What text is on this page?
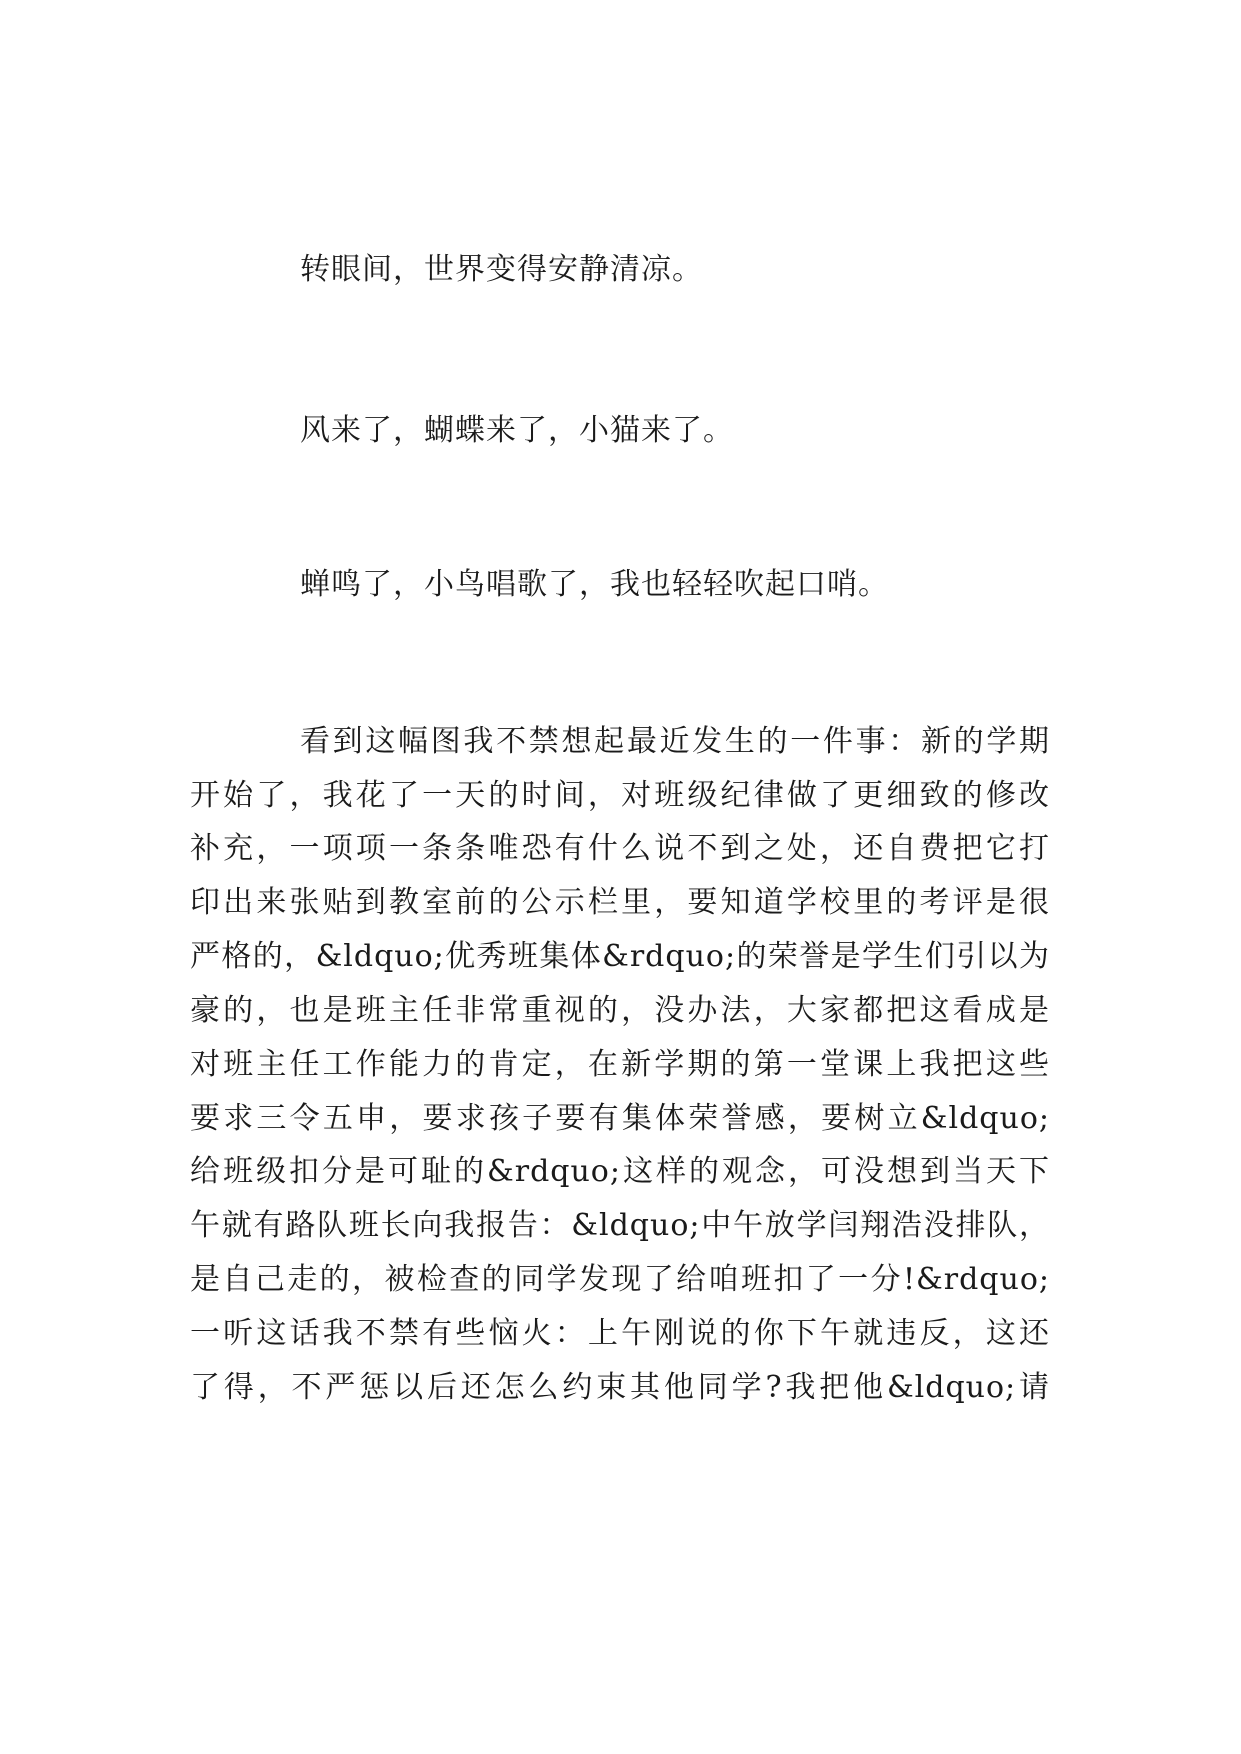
转眼间，世界变得安静清凉。
风来了，蝴蝶来了，小猫来了。
蝉鸣了，小鸟唱歌了，我也轻轻吹起口哨。
看到这幅图我不禁想起最近发生的一件事：新的学期
开始了，我花了一天的时间，对班级纪律做了更细致的修改
补充，一项项一条条唯恐有什么说不到之处，还自费把它打
印出来张贴到教室前的公示栏里，要知道学校里的考评是很
严格的，&ldquo;优秀班集体&rdquo;的荣誉是学生们引以为
豪的，也是班主任非常重视的，没办法，大家都把这看成是
对班主任工作能力的肯定，在新学期的第一堂课上我把这些
要求三令五申，要求孩子要有集体荣誉感，要树立&ldquo;
给班级扣分是可耻的&rdquo;这样的观念，可没想到当天下
午就有路队班长向我报告：&ldquo;中午放学闫翔浩没排队，
是自己走的，被检查的同学发现了给咱班扣了一分!&rdquo;
一听这话我不禁有些恼火：上午刚说的你下午就违反，这还
了得，不严惩以后还怎么约束其他同学?我把他&ldquo;请
